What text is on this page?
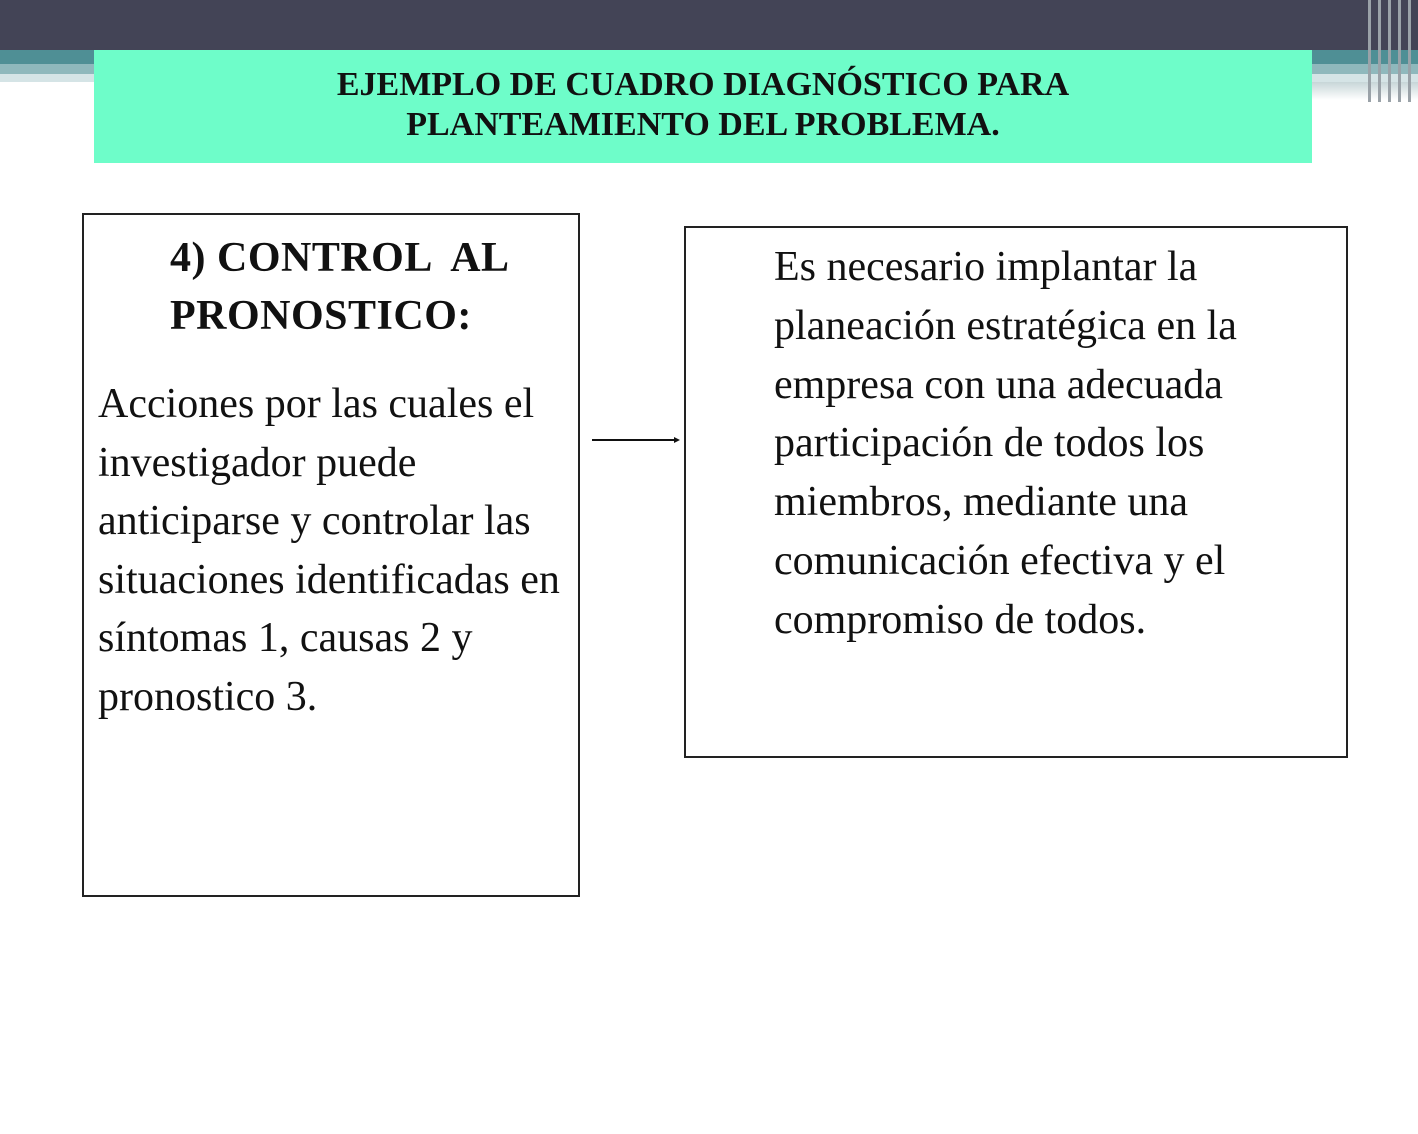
EJEMPLO DE CUADRO DIAGNÓSTICO PARA
PLANTEAMIENTO DEL PROBLEMA.
4) CONTROL  AL
PRONOSTICO:
Acciones por las cuales el investigador puede anticiparse y controlar las situaciones identificadas en síntomas 1, causas 2 y pronostico 3.
Es necesario implantar la planeación estratégica en la empresa con una adecuada participación de todos los miembros, mediante una comunicación efectiva y el compromiso de todos.
